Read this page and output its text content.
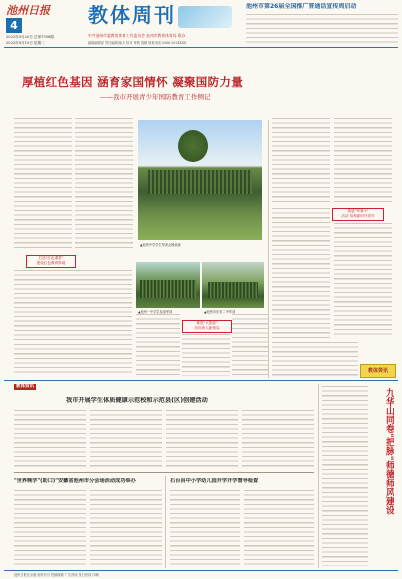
池州日报
4
2023年9月20日 总第7956期
2023年9月19日 星期二
教体周刊
中共池州市委教育体育工作委员会 池州市教育体育局 联办
融媒编辑部 责任编辑/童天 校对 审核 投稿 联系电话 0566-2024XXX
池州市第26届全国推广普通话宣传周启动
厚植红色基因 涵育家国情怀 凝聚国防力量
——我市开展青少年国防教育工作侧记
打造"红色课堂"
建设红色教育阵地
▲池州中学学生军训会操表演
▲池州一中学生参加军训	▲池州市东至二中军训
推进"大思政"
协同育人新格局
推进"军事+"
活动 培养新时代青年
教体资讯
教体资讯
我市开展学生体质健康示范校和示范县(区)创建活动
"世界晚学"(助口)"安徽省池州市分会场活动成功举办	石台县中小学幼儿园开学开学督导检查	九华山同卷"把脉"师德师风建设
池州日报社出版 邮发代号 投稿邮箱 广告热线 发行热线 印刷
